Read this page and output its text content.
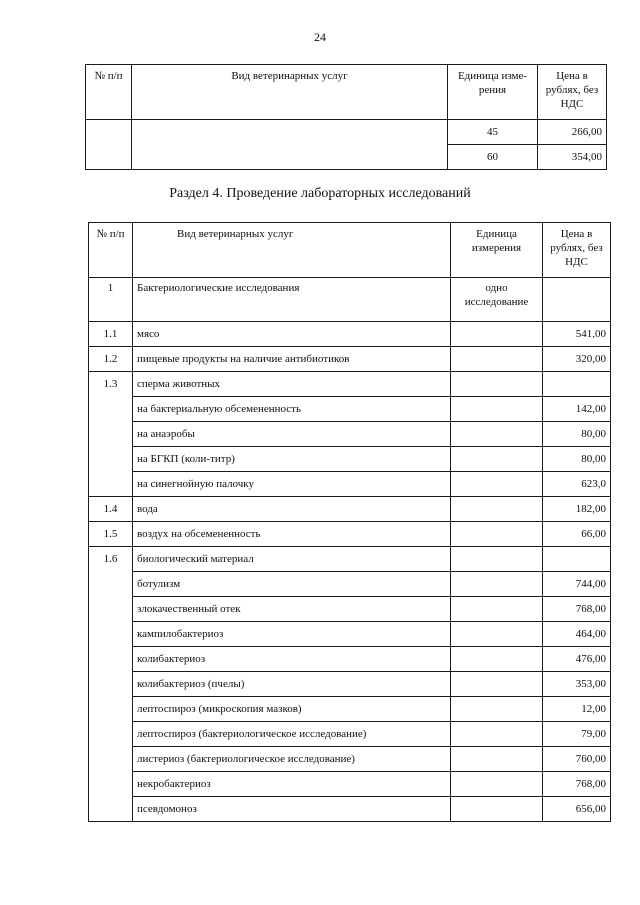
24
№ п/п	Вид ветеринарных услуг	Единица изме-рения	Цена в рублях, без НДС
		45	266,00
		60	354,00
Раздел 4. Проведение лабораторных исследований
№ п/п	Вид ветеринарных услуг	Единица измерения	Цена в рублях, без НДС
1	Бактериологические исследования	одно исследование	
1.1	мясо		541,00
1.2	пищевые продукты на наличие антибиотиков		320,00
1.3	сперма животных		
	на бактериальную обсемененность		142,00
	на анаэробы		80,00
	на БГКП (коли-титр)		80,00
	на синегнойную палочку		623,0
1.4	вода		182,00
1.5	воздух на обсемененность		66,00
1.6	биологический материал		
	ботулизм		744,00
	злокачественный отек		768,00
	кампилобактериоз		464,00
	колибактериоз		476,00
	колибактериоз (пчелы)		353,00
	лептоспироз (микроскопия мазков)		12,00
	лептоспироз (бактериологическое исследование)		79,00
	листериоз (бактериологическое исследование)		760,00
	некробактериоз		768,00
	псевдомоноз		656,00
